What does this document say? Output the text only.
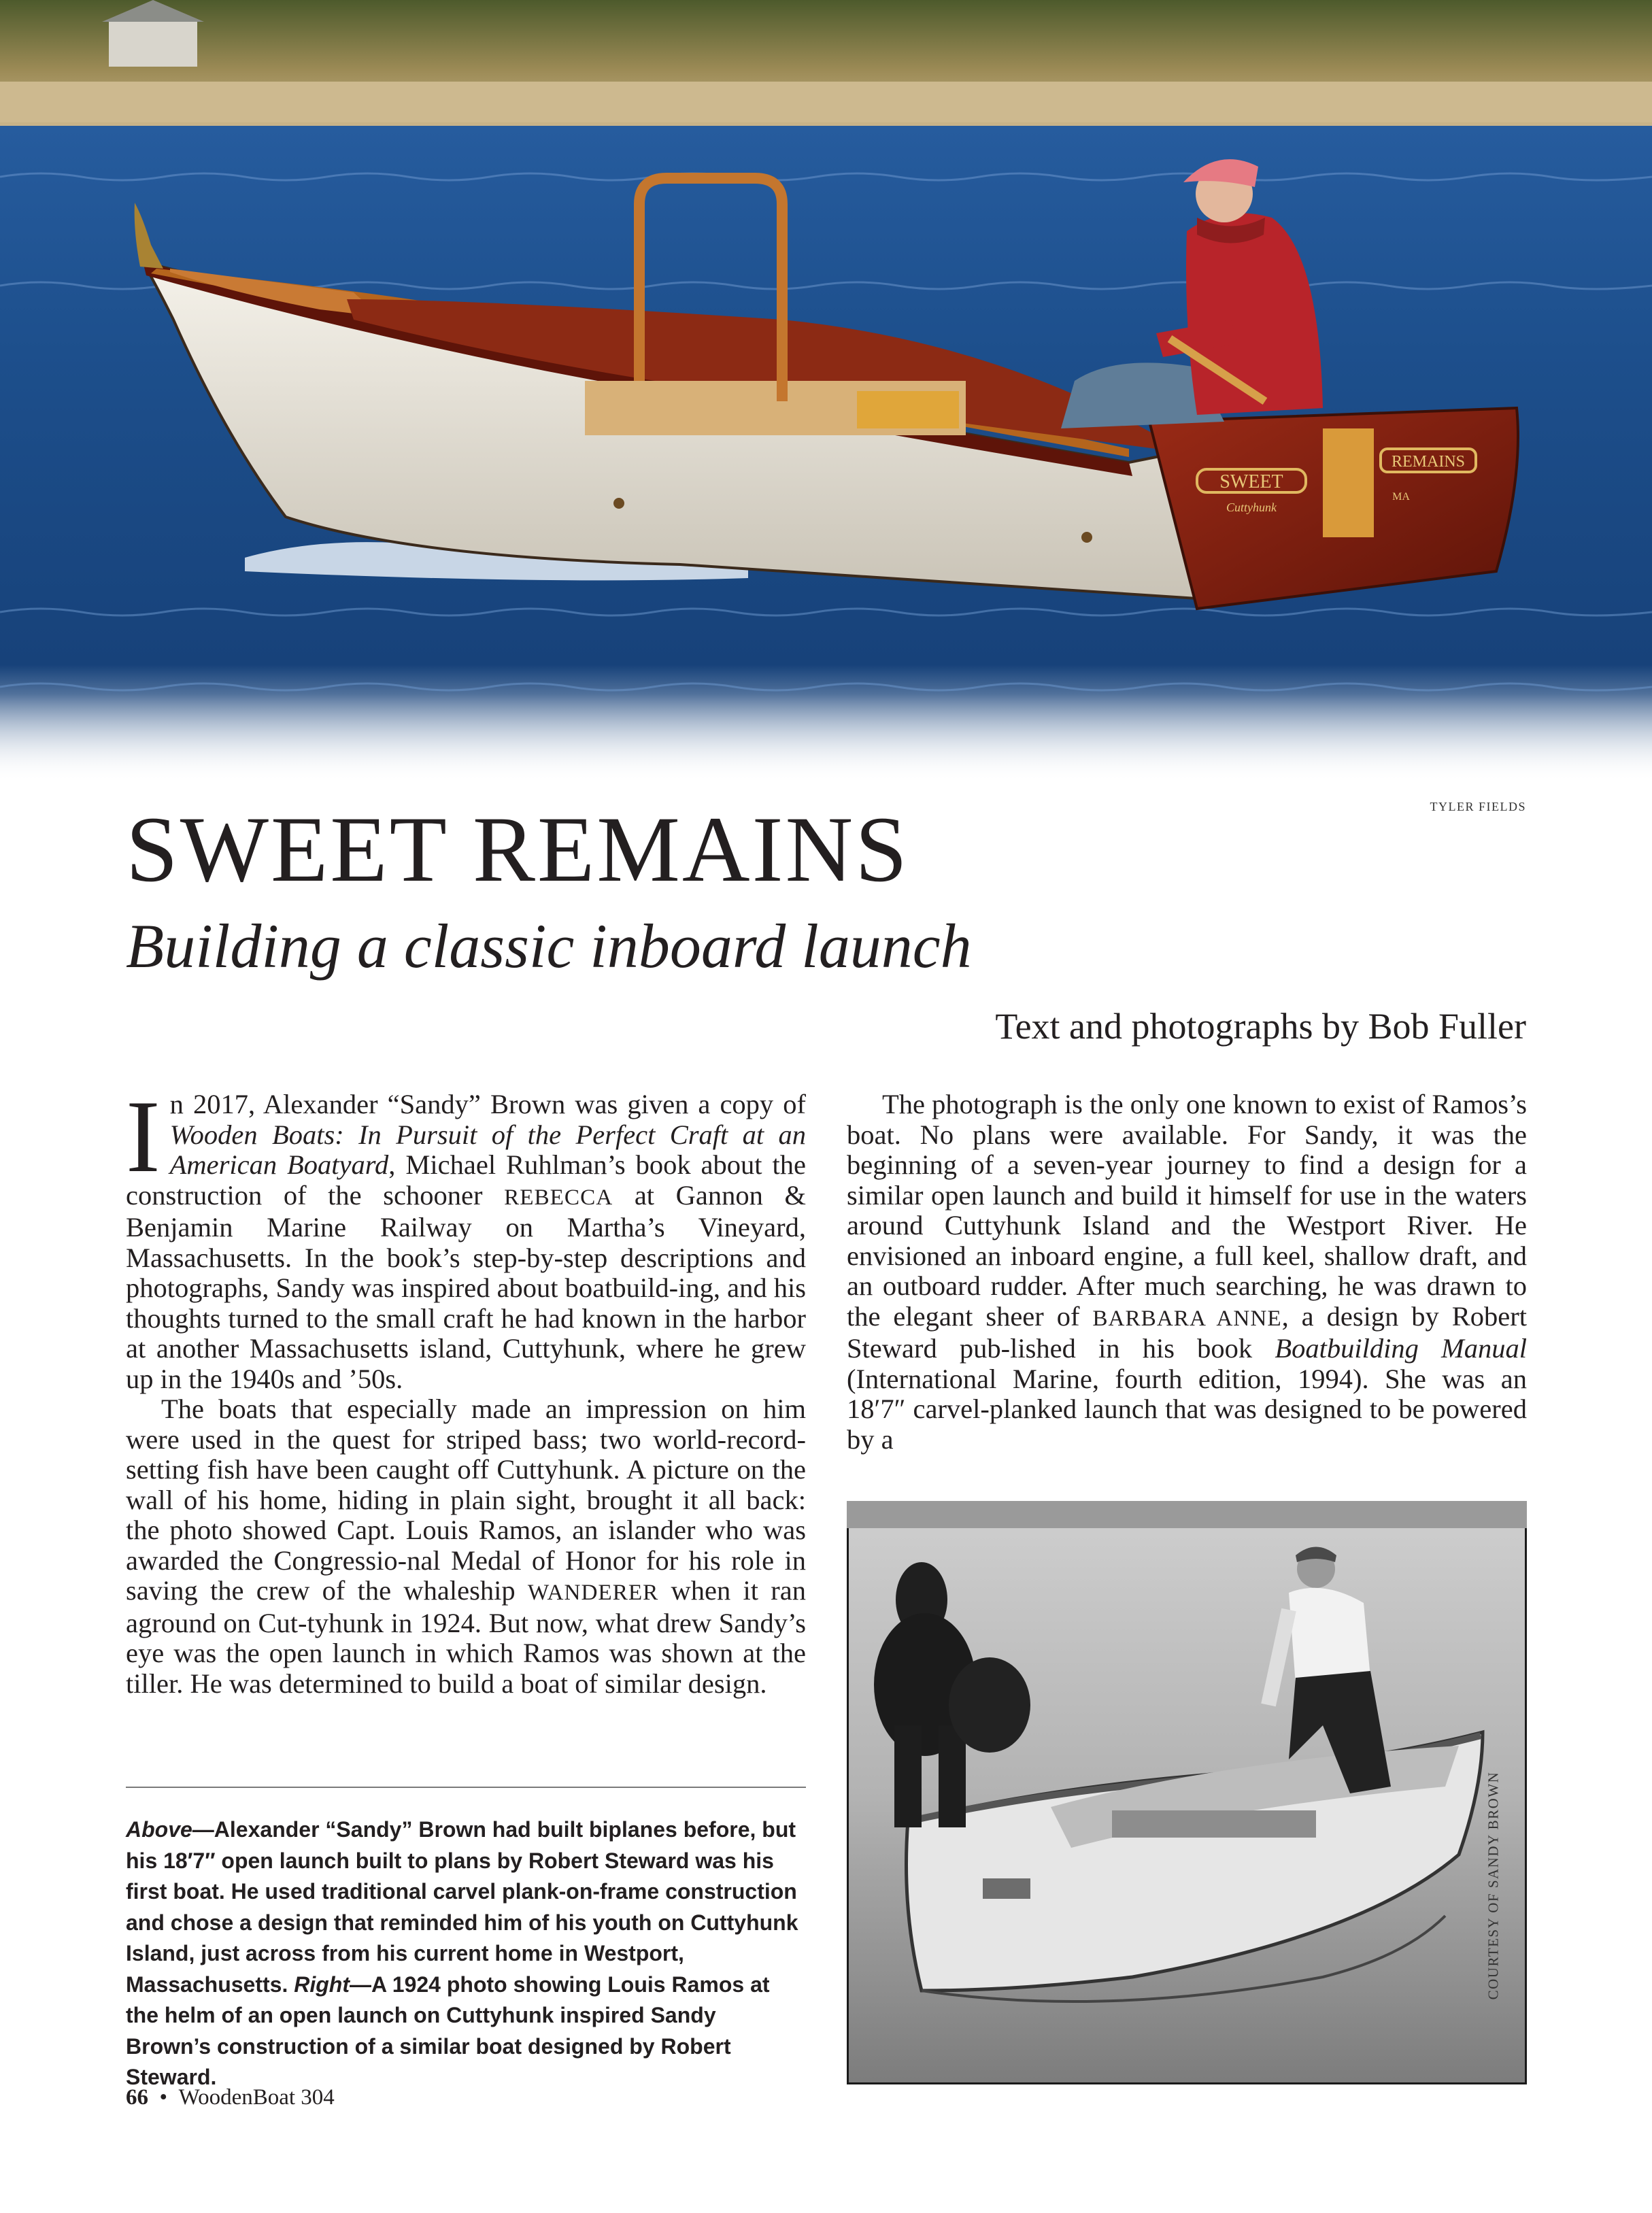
SWEET
REMAINS
Cuttyhunk
MA
TYLER FIELDS
SWEET REMAINS
Building a classic inboard launch
Text and photographs by Bob Fuller

In 2017, Alexander “Sandy” Brown was given a copy of Wooden Boats: In Pursuit of the Perfect Craft at an American Boatyard, Michael Ruhlman’s book about the construction of the schooner REBECCA at Gannon & Benjamin Marine Railway on Martha’s Vineyard, Massachusetts. In the book’s step-by-step descriptions and photographs, Sandy was inspired about boatbuild-ing, and his thoughts turned to the small craft he had known in the harbor at another Massachusetts island, Cuttyhunk, where he grew up in the 1940s and ’50s.

The boats that especially made an impression on him were used in the quest for striped bass; two world-record-setting fish have been caught off Cuttyhunk. A picture on the wall of his home, hiding in plain sight, brought it all back: the photo showed Capt. Louis Ramos, an islander who was awarded the Congressio-nal Medal of Honor for his role in saving the crew of the whaleship WANDERER when it ran aground on Cut-tyhunk in 1924. But now, what drew Sandy’s eye was the open launch in which Ramos was shown at the tiller. He was determined to build a boat of similar design.

The photograph is the only one known to exist of Ramos’s boat. No plans were available. For Sandy, it was the beginning of a seven-year journey to find a design for a similar open launch and build it himself for use in the waters around Cuttyhunk Island and the Westport River. He envisioned an inboard engine, a full keel, shallow draft, and an outboard rudder. After much searching, he was drawn to the elegant sheer of BARBARA ANNE, a design by Robert Steward pub-lished in his book Boatbuilding Manual (International Marine, fourth edition, 1994). She was an 18′7″ carvel-planked launch that was designed to be powered by a

Above—Alexander “Sandy” Brown had built biplanes before, but his 18′7″ open launch built to plans by Robert Steward was his first boat. He used traditional carvel plank-on-frame construction and chose a design that reminded him of his youth on Cuttyhunk Island, just across from his current home in Westport, Massachusetts. Right—A 1924 photo showing Louis Ramos at the helm of an open launch on Cuttyhunk inspired Sandy Brown’s construction of a similar boat designed by Robert Steward.
COURTESY OF SANDY BROWN
66 • WoodenBoat 304
